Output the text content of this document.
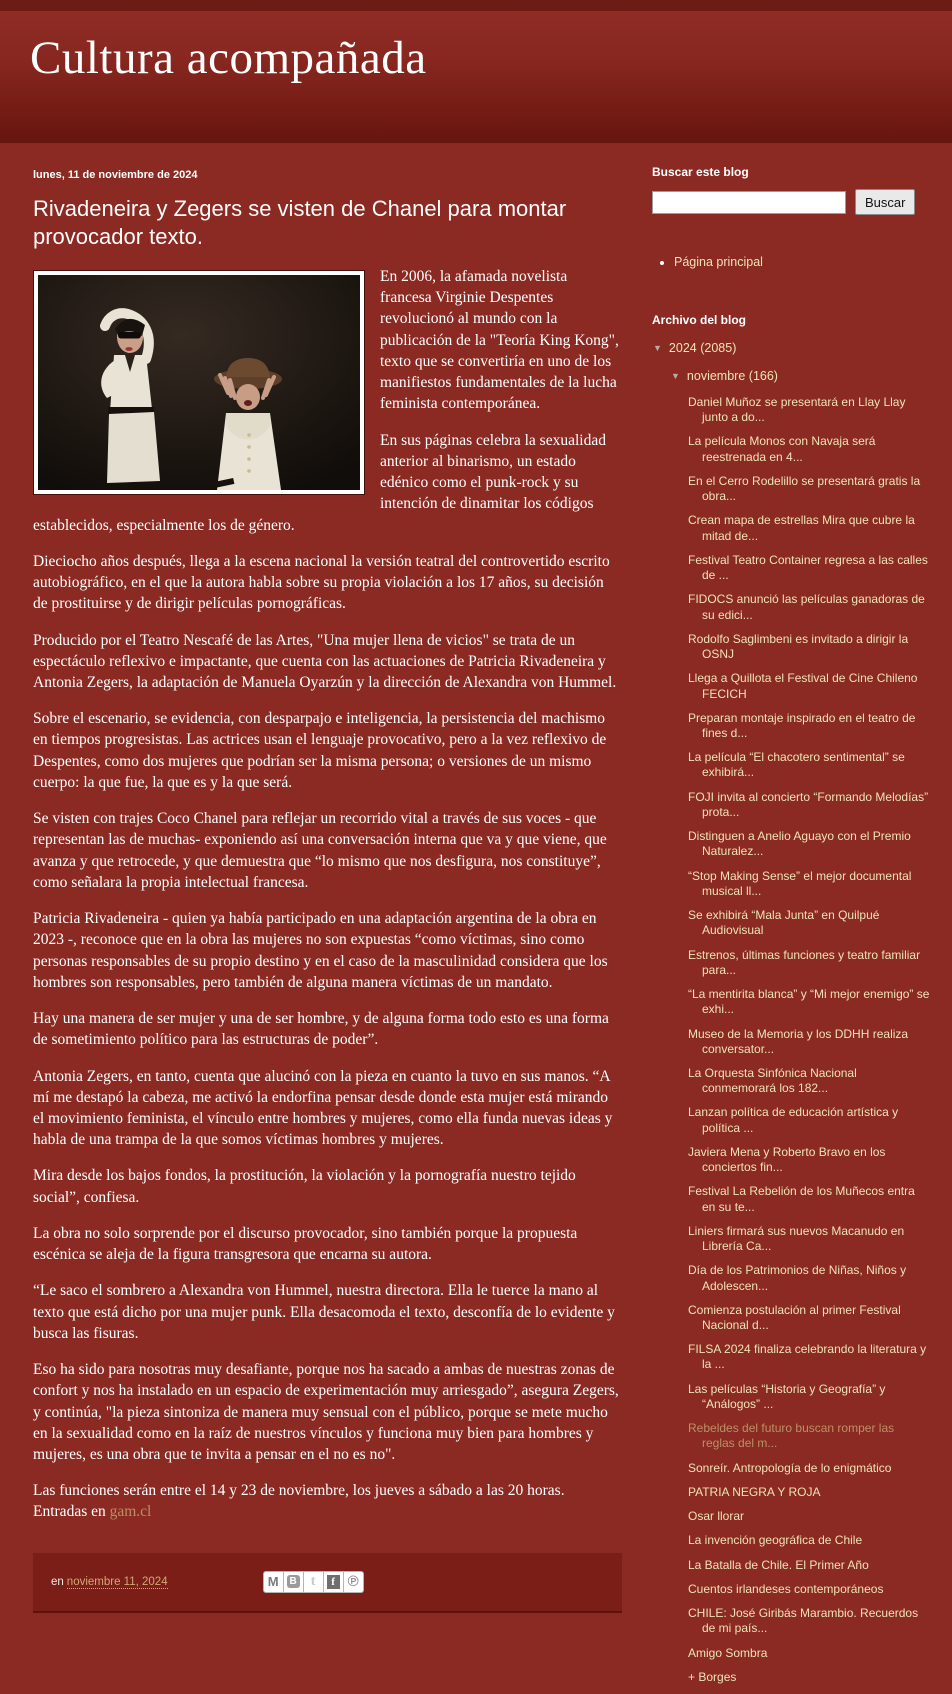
Cultura acompañada
lunes, 11 de noviembre de 2024
Rivadeneira y Zegers se visten de Chanel para montar provocador texto.

En 2006, la afamada novelista francesa Virginie Despentes revolucionó al mundo con la publicación de la "Teoría King Kong", texto que se convertiría en uno de los manifiestos fundamentales de la lucha feminista contemporánea.

En sus páginas celebra la sexualidad anterior al binarismo, un estado edénico como el punk-rock y su intención de dinamitar los códigos establecidos, especialmente los de género.

Dieciocho años después, llega a la escena nacional la versión teatral del controvertido escrito autobiográfico, en el que la autora habla sobre su propia violación a los 17 años, su decisión de prostituirse y de dirigir películas pornográficas.

Producido por el Teatro Nescafé de las Artes, "Una mujer llena de vicios" se trata de un espectáculo reflexivo e impactante, que cuenta con las actuaciones de Patricia Rivadeneira y Antonia Zegers, la adaptación de Manuela Oyarzún y la dirección de Alexandra von Hummel.

Sobre el escenario, se evidencia, con desparpajo e inteligencia, la persistencia del machismo en tiempos progresistas. Las actrices usan el lenguaje provocativo, pero a la vez reflexivo de Despentes, como dos mujeres que podrían ser la misma persona; o versiones de un mismo cuerpo: la que fue, la que es y la que será.

Se visten con trajes Coco Chanel para reflejar un recorrido vital a través de sus voces - que representan las de muchas- exponiendo así una conversación interna que va y que viene, que avanza y que retrocede, y que demuestra que “lo mismo que nos desfigura, nos constituye”, como señalara la propia intelectual francesa.

Patricia Rivadeneira - quien ya había participado en una adaptación argentina de la obra en 2023 -, reconoce que en la obra las mujeres no son expuestas “como víctimas, sino como personas responsables de su propio destino y en el caso de la masculinidad considera que los hombres son responsables, pero también de alguna manera víctimas de un mandato.

Hay una manera de ser mujer y una de ser hombre, y de alguna forma todo esto es una forma de sometimiento político para las estructuras de poder”.

Antonia Zegers, en tanto, cuenta que alucinó con la pieza en cuanto la tuvo en sus manos. “A mí me destapó la cabeza, me activó la endorfina pensar desde donde esta mujer está mirando el movimiento feminista, el vínculo entre hombres y mujeres, como ella funda nuevas ideas y habla de una trampa de la que somos víctimas hombres y mujeres.

Mira desde los bajos fondos, la prostitución, la violación y la pornografía nuestro tejido social”, confiesa.

La obra no solo sorprende por el discurso provocador, sino también porque la propuesta escénica se aleja de la figura transgresora que encarna su autora.

“Le saco el sombrero a Alexandra von Hummel, nuestra directora. Ella le tuerce la mano al texto que está dicho por una mujer punk. Ella desacomoda el texto, desconfía de lo evidente y busca las fisuras.

Eso ha sido para nosotras muy desafiante, porque nos ha sacado a ambas de nuestras zonas de confort y nos ha instalado en un espacio de experimentación muy arriesgado”, asegura Zegers, y continúa, "la pieza sintoniza de manera muy sensual con el público, porque se mete mucho en la sexualidad como en la raíz de nuestros vínculos y funciona muy bien para hombres y mujeres, es una obra que te invita a pensar en el no es no".

Las funciones serán entre el 14 y 23 de noviembre, los jueves a sábado a las 20 horas. Entradas en gam.cl

en noviembre 11, 2024	M B t	f ℗
Buscar este blog
Buscar
• Página principal
Archivo del blog
▼ 2024 (2085)
▼ noviembre (166)
Daniel Muñoz se presentará en Llay Llay junto a do...
La película Monos con Navaja será reestrenada en 4...
En el Cerro Rodelillo se presentará gratis la obra...
Crean mapa de estrellas Mira que cubre la mitad de...
Festival Teatro Container regresa a las calles de ...
FIDOCS anunció las películas ganadoras de su edici...
Rodolfo Saglimbeni es invitado a dirigir la OSNJ
Llega a Quillota el Festival de Cine Chileno FECICH
Preparan montaje inspirado en el teatro de fines d...
La película “El chacotero sentimental” se exhibirá...
FOJI invita al concierto “Formando Melodías” prota...
Distinguen a Anelio Aguayo con el Premio Naturalez...
“Stop Making Sense” el mejor documental musical ll...
Se exhibirá “Mala Junta” en Quilpué Audiovisual
Estrenos, últimas funciones y teatro familiar para...
“La mentirita blanca” y “Mi mejor enemigo” se exhi...
Museo de la Memoria y los DDHH realiza conversator...
La Orquesta Sinfónica Nacional conmemorará los 182...
Lanzan política de educación artística y política ...
Javiera Mena y Roberto Bravo en los conciertos fin...
Festival La Rebelión de los Muñecos entra en su te...
Liniers firmará sus nuevos Macanudo en Librería Ca...
Día de los Patrimonios de Niñas, Niños y Adolescen...
Comienza postulación al primer Festival Nacional d...
FILSA 2024 finaliza celebrando la literatura y la ...
Las películas “Historia y Geografía” y “Análogos” ...
Rebeldes del futuro buscan romper las reglas del m...
Sonreír. Antropología de lo enigmático
PATRIA NEGRA Y ROJA
Osar llorar
La invención geográfica de Chile
La Batalla de Chile. El Primer Año
Cuentos irlandeses contemporáneos
CHILE: José Giribás Marambio. Recuerdos de mi país...
Amigo Sombra
+ Borges
